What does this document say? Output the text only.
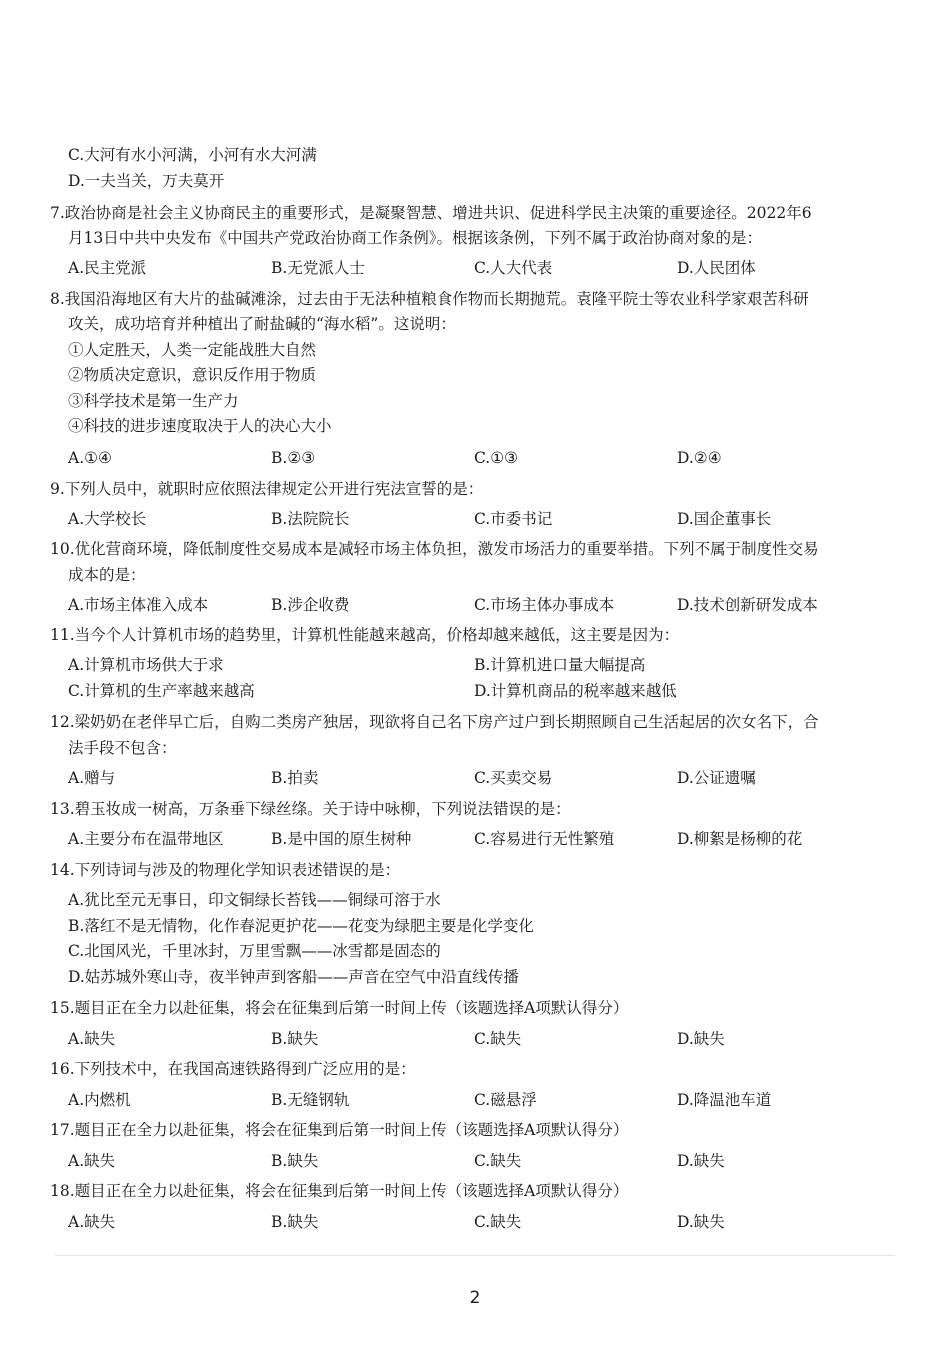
C.大河有水小河满，小河有水大河满
D.一夫当关，万夫莫开
7.政治协商是社会主义协商民主的重要形式，是凝聚智慧、增进共识、促进科学民主决策的重要途径。2022年6
月13日中共中央发布《中国共产党政治协商工作条例》。根据该条例，下列不属于政治协商对象的是：
A.民主党派	B.无党派人士	C.人大代表	D.人民团体
8.我国沿海地区有大片的盐碱滩涂，过去由于无法种植粮食作物而长期抛荒。袁隆平院士等农业科学家艰苦科研
攻关，成功培育并种植出了耐盐碱的“海水稻”。这说明：
①人定胜天，人类一定能战胜大自然
②物质决定意识，意识反作用于物质
③科学技术是第一生产力
④科技的进步速度取决于人的决心大小
A.①④	B.②③	C.①③	D.②④
9.下列人员中，就职时应依照法律规定公开进行宪法宣誓的是：
A.大学校长	B.法院院长	C.市委书记	D.国企董事长
10.优化营商环境，降低制度性交易成本是减轻市场主体负担，激发市场活力的重要举措。下列不属于制度性交易
成本的是：
A.市场主体准入成本	B.涉企收费	C.市场主体办事成本	D.技术创新研发成本
11.当今个人计算机市场的趋势里，计算机性能越来越高，价格却越来越低，这主要是因为：
A.计算机市场供大于求	B.计算机进口量大幅提高
C.计算机的生产率越来越高	D.计算机商品的税率越来越低
12.梁奶奶在老伴早亡后，自购二类房产独居，现欲将自己名下房产过户到长期照顾自己生活起居的次女名下，合
法手段不包含：
A.赠与	B.拍卖	C.买卖交易	D.公证遗嘱
13.碧玉妆成一树高，万条垂下绿丝绦。关于诗中咏柳，下列说法错误的是：
A.主要分布在温带地区	B.是中国的原生树种	C.容易进行无性繁殖	D.柳絮是杨柳的花
14.下列诗词与涉及的物理化学知识表述错误的是：
A.犹比至元无事日，印文铜绿长苔钱——铜绿可溶于水
B.落红不是无情物，化作春泥更护花——花变为绿肥主要是化学变化
C.北国风光，千里冰封，万里雪飘——冰雪都是固态的
D.姑苏城外寒山寺，夜半钟声到客船——声音在空气中沿直线传播
15.题目正在全力以赴征集，将会在征集到后第一时间上传（该题选择A项默认得分）
A.缺失	B.缺失	C.缺失	D.缺失
16.下列技术中，在我国高速铁路得到广泛应用的是：
A.内燃机	B.无缝钢轨	C.磁悬浮	D.降温池车道
17.题目正在全力以赴征集，将会在征集到后第一时间上传（该题选择A项默认得分）
A.缺失	B.缺失	C.缺失	D.缺失
18.题目正在全力以赴征集，将会在征集到后第一时间上传（该题选择A项默认得分）
A.缺失	B.缺失	C.缺失	D.缺失
2
